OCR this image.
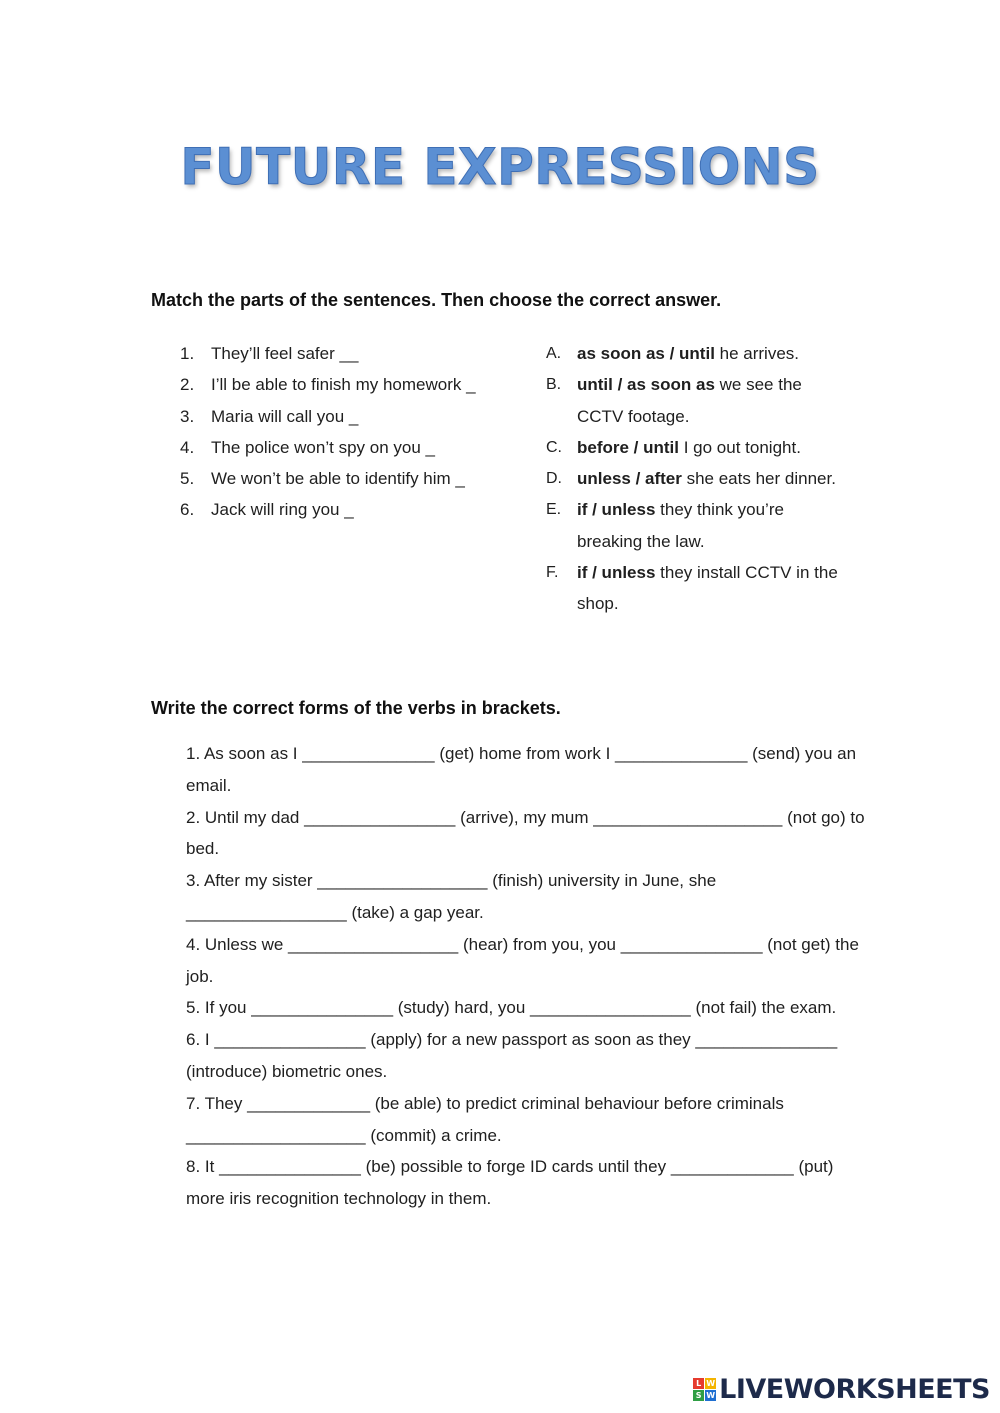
FUTURE EXPRESSIONS
Match the parts of the sentences. Then choose the correct answer.
1. They’ll feel safer __
2. I’ll be able to finish my homework _
3. Maria will call you _
4. The police won’t spy on you _
5. We won’t be able to identify him _
6. Jack will ring you _
A. as soon as / until he arrives.
B. until / as soon as we see the CCTV footage.
C. before / until I go out tonight.
D. unless / after she eats her dinner.
E. if / unless they think you’re breaking the law.
F.	if / unless they install CCTV in the shop.
Write the correct forms of the verbs in brackets.

1. As soon as I ______________ (get) home from work I ______________ (send) you an email.

2. Until my dad ________________ (arrive), my mum ____________________ (not go) to bed.

3. After my sister __________________ (finish) university in June, she _________________ (take) a gap year.

4. Unless we __________________ (hear) from you, you _______________ (not get) the job.

5. If you _______________ (study) hard, you _________________ (not fail) the exam.

6. I ________________ (apply) for a new passport as soon as they _______________ (introduce) biometric ones.

7. They _____________ (be able) to predict criminal behaviour before criminals ___________________ (commit) a crime.

8. It _______________ (be) possible to forge ID cards until they _____________ (put) more iris recognition technology in them.

L W
S W LIVEWORKSHEETS
